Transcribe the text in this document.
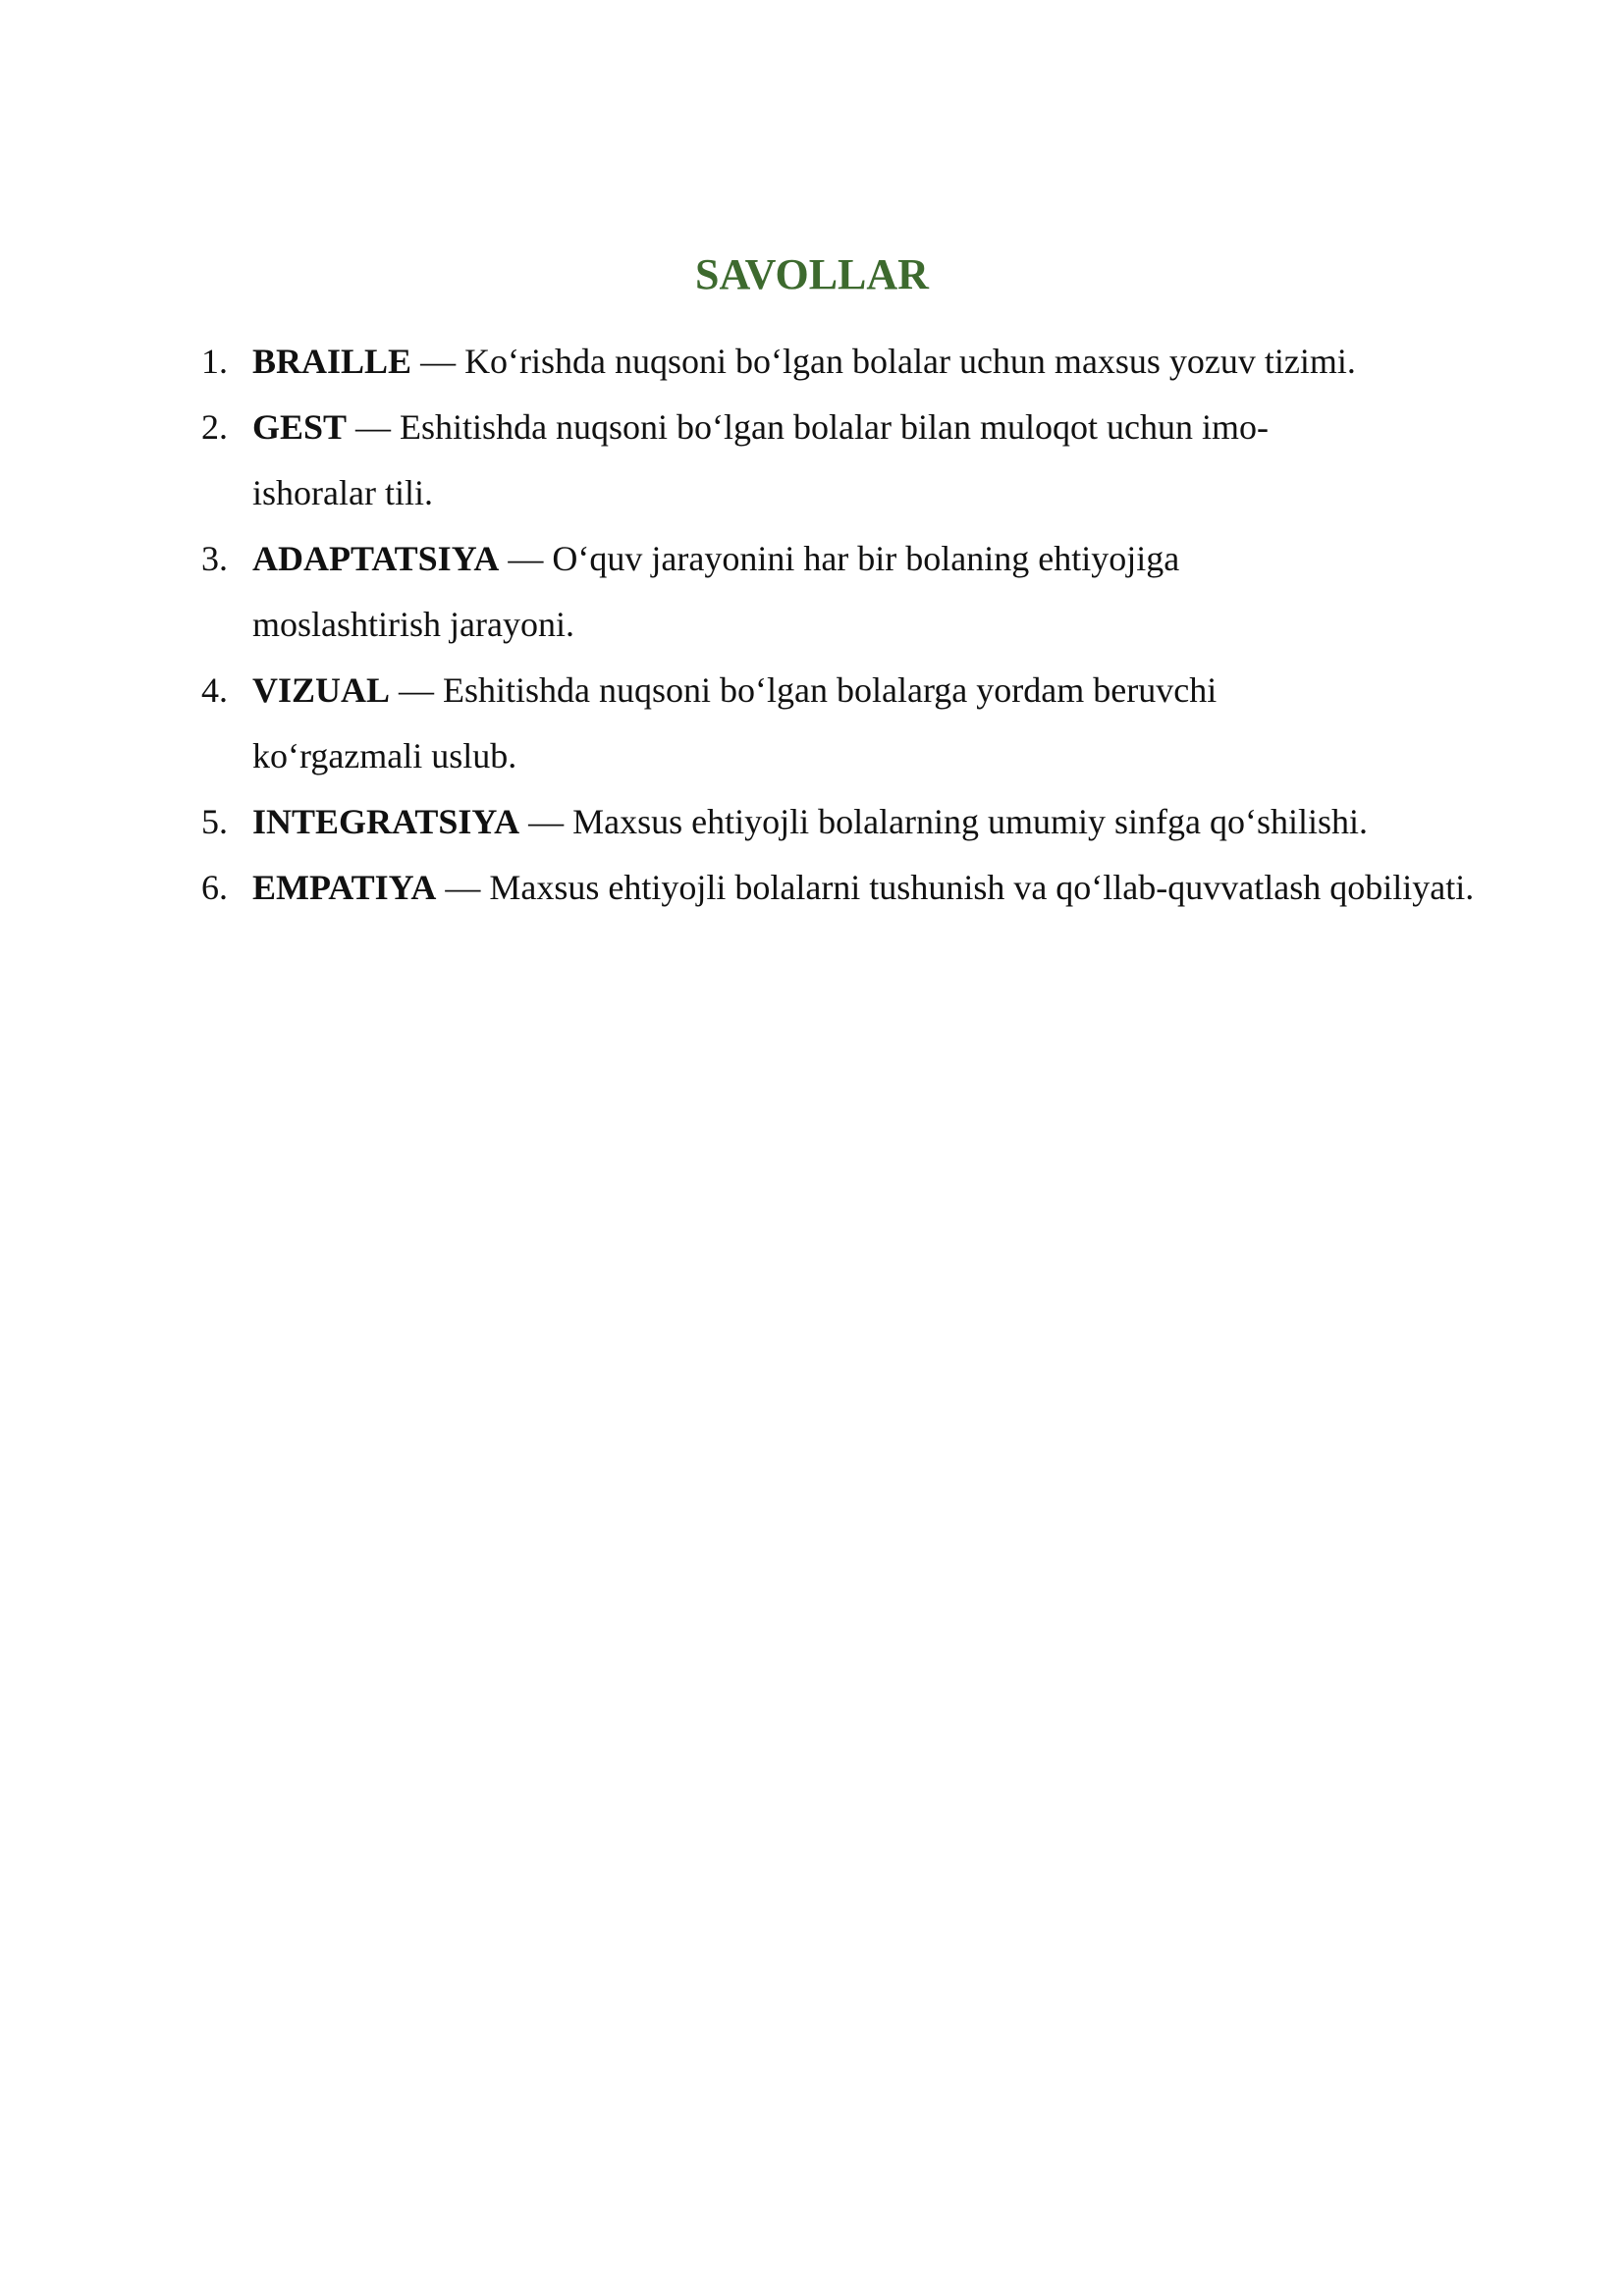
SAVOLLAR
1. BRAILLE — Ko‘rishda nuqsoni bo‘lgan bolalar uchun maxsus yozuv tizimi.
2. GEST — Eshitishda nuqsoni bo‘lgan bolalar bilan muloqot uchun imo-ishoralar tili.
3. ADAPTATSIYA — O‘quv jarayonini har bir bolaning ehtiyojiga moslashtirish jarayoni.
4. VIZUAL — Eshitishda nuqsoni bo‘lgan bolalarga yordam beruvchi ko‘rgazmali uslub.
5. INTEGRATSIYA — Maxsus ehtiyojli bolalarning umumiy sinfga qo‘shilishi.
6. EMPATIYA — Maxsus ehtiyojli bolalarni tushunish va qo‘llab-quvvatlash qobiliyati.
